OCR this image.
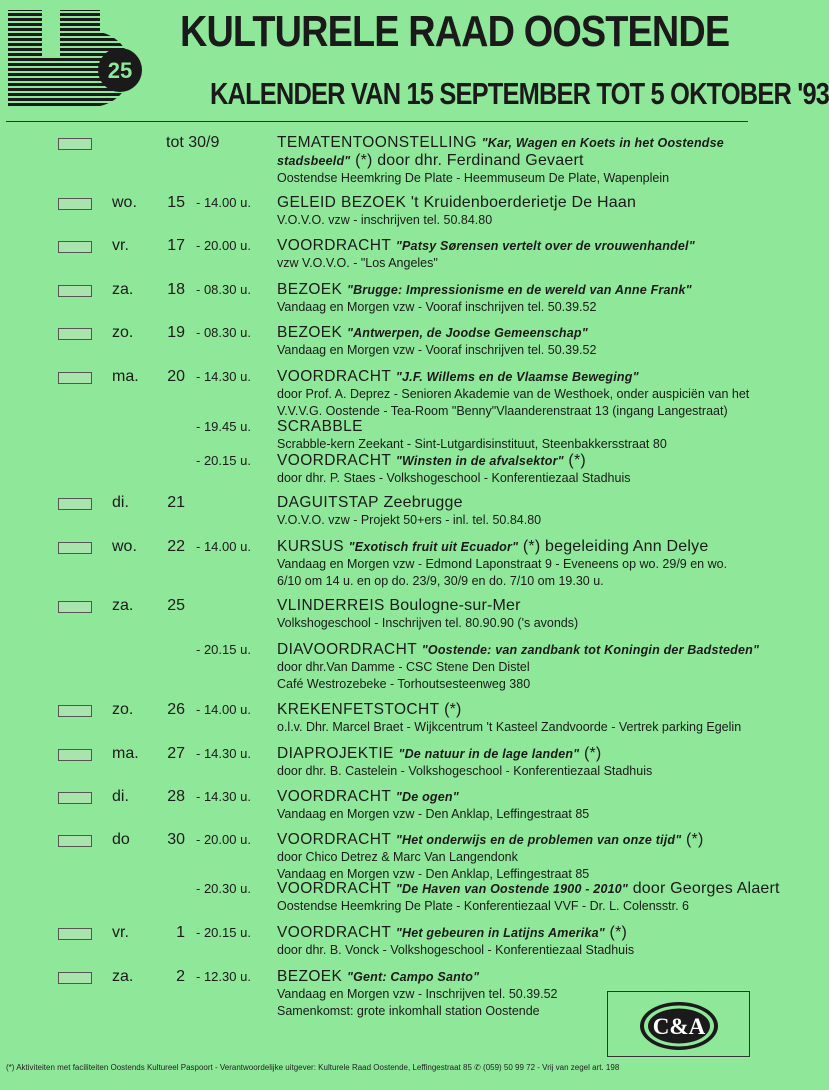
25
KULTURELE RAAD OOSTENDE
KALENDER VAN 15 SEPTEMBER TOT 5 OKTOBER '93
tot 30/9	TEMATENTOONSTELLING "Kar, Wagen en Koets in het Oostendse stadsbeeld" (*) door dhr. Ferdinand Gevaert
Oostendse Heemkring De Plate - Heemmuseum De Plate, Wapenplein
wo. 15 - 14.00 u. GELEID BEZOEK 't Kruidenboerderietje De Haan
V.O.V.O. vzw - inschrijven tel. 50.84.80
vr. 17 - 20.00 u. VOORDRACHT "Patsy Sørensen vertelt over de vrouwenhandel"
vzw V.O.V.O. - "Los Angeles"
za. 18 - 08.30 u. BEZOEK "Brugge: Impressionisme en de wereld van Anne Frank"
Vandaag en Morgen vzw - Vooraf inschrijven tel. 50.39.52
zo. 19 - 08.30 u. BEZOEK "Antwerpen, de Joodse Gemeenschap"
Vandaag en Morgen vzw - Vooraf inschrijven tel. 50.39.52
ma. 20 - 14.30 u. VOORDRACHT "J.F. Willems en de Vlaamse Beweging"
door Prof. A. Deprez - Senioren Akademie van de Westhoek, onder auspiciën van het
V.V.V.G. Oostende - Tea-Room "Benny"Vlaanderenstraat 13 (ingang Langestraat)
- 19.45 u. SCRABBLE
Scrabble-kern Zeekant - Sint-Lutgardisinstituut, Steenbakkersstraat 80
- 20.15 u. VOORDRACHT "Winsten in de afvalsektor" (*)
door dhr. P. Staes - Volkshogeschool - Konferentiezaal Stadhuis
di. 21	DAGUITSTAP Zeebrugge
V.O.V.O. vzw - Projekt 50+ers - inl. tel. 50.84.80
wo. 22 - 14.00 u. KURSUS "Exotisch fruit uit Ecuador" (*) begeleiding Ann Delye
Vandaag en Morgen vzw - Edmond Laponstraat 9 - Eveneens op wo. 29/9 en wo.
6/10 om 14 u. en op do. 23/9, 30/9 en do. 7/10 om 19.30 u.
za. 25	VLINDERREIS Boulogne-sur-Mer
Volkshogeschool - Inschrijven tel. 80.90.90 ('s avonds)
- 20.15 u. DIAVOORDRACHT "Oostende: van zandbank tot Koningin der Badsteden"
door dhr.Van Damme - CSC Stene Den Distel
Café Westrozebeke - Torhoutsesteenweg 380
zo. 26 - 14.00 u. KREKENFETSTOCHT (*)
o.l.v. Dhr. Marcel Braet - Wijkcentrum 't Kasteel Zandvoorde - Vertrek parking Egelin
ma. 27 - 14.30 u. DIAPROJEKTIE "De natuur in de lage landen" (*)
door dhr. B. Castelein - Volkshogeschool - Konferentiezaal Stadhuis
di. 28 - 14.30 u. VOORDRACHT "De ogen"
Vandaag en Morgen vzw - Den Anklap, Leffingestraat 85
do 30 - 20.00 u. VOORDRACHT "Het onderwijs en de problemen van onze tijd" (*)
door Chico Detrez & Marc Van Langendonk
Vandaag en Morgen vzw - Den Anklap, Leffingestraat 85
- 20.30 u. VOORDRACHT "De Haven van Oostende 1900 - 2010" door Georges Alaert
Oostendse Heemkring De Plate - Konferentiezaal VVF - Dr. L. Colensstr. 6
vr.	1 - 20.15 u. VOORDRACHT "Het gebeuren in Latijns Amerika" (*)
door dhr. B. Vonck - Volkshogeschool - Konferentiezaal Stadhuis
za.	2 - 12.30 u. BEZOEK "Gent: Campo Santo"
Vandaag en Morgen vzw - Inschrijven tel. 50.39.52
Samenkomst: grote inkomhall station Oostende
C&A
(*) Aktiviteiten met faciliteiten Oostends Kultureel Paspoort - Verantwoordelijke uitgever: Kulturele Raad Oostende, Leffingestraat 85 ✆ (059) 50 99 72 - Vrij van zegel art. 198
